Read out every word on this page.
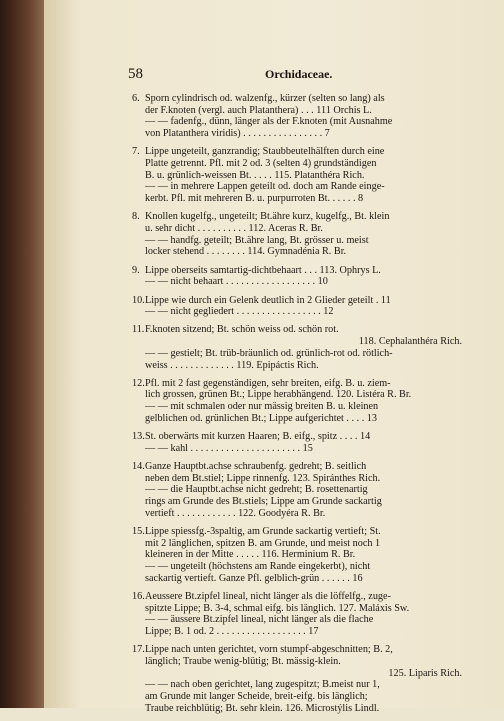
58	Orchidaceae.
6. Sporn cylindrisch od. walzenfg., kürzer (selten so lang) als
der F.knoten (vergl. auch Platanthera) . . . 111 Orchis L.
— — fadenfg., dünn, länger als der F.knoten (mit Ausnahme
von Platanthera viridis) . . . . . . . . . . . . . . . . 7
7. Lippe ungeteilt, ganzrandig; Staubbeutelhälften durch eine
Platte getrennt. Pfl. mit 2 od. 3 (selten 4) grundständigen
B. u. grünlich-weissen Bt. . . . . 115. Platanthéra Rich.
— — in mehrere Lappen geteilt od. doch am Rande einge-
kerbt. Pfl. mit mehreren B. u. purpurroten Bt. . . . . . 8
8. Knollen kugelfg., ungeteilt; Bt.ähre kurz, kugelfg., Bt. klein
u. sehr dicht . . . . . . . . . . 112. Aceras R. Br.
— — handfg. geteilt; Bt.ähre lang, Bt. grösser u. meist
locker stehend . . . . . . . . 114. Gymnadénia R. Br.
9. Lippe oberseits samtartig-dichtbehaart . . . 113. Ophrys L.
— — nicht behaart . . . . . . . . . . . . . . . . . . 10
10. Lippe wie durch ein Gelenk deutlich in 2 Glieder geteilt . 11
— — nicht gegliedert . . . . . . . . . . . . . . . . . 12
11. F.knoten sitzend; Bt. schön weiss od. schön rot.
118. Cephalanthéra Rich.
— — gestielt; Bt. trüb-bräunlich od. grünlich-rot od. rötlich-
weiss . . . . . . . . . . . . . 119. Epipáctis Rich.
12. Pfl. mit 2 fast gegenständigen, sehr breiten, eifg. B. u. ziem-
lich grossen, grünen Bt.; Lippe herabhängend. 120. Listéra R. Br.
— — mit schmalen oder nur mässig breiten B. u. kleinen
gelblichen od. grünlichen Bt.; Lippe aufgerichtet . . . . 13
13. St. oberwärts mit kurzen Haaren; B. eifg., spitz . . . . 14
— — kahl . . . . . . . . . . . . . . . . . . . . . . 15
14. Ganze Hauptbt.achse schraubenfg. gedreht; B. seitlich
neben dem Bt.stiel; Lippe rinnenfg. 123. Spiránthes Rich.
— — die Hauptbt.achse nicht gedreht; B. rosettenartig
rings am Grunde des Bt.stiels; Lippe am Grunde sackartig
vertieft . . . . . . . . . . . . 122. Goodyéra R. Br.
15. Lippe spiessfg.-3spaltig, am Grunde sackartig vertieft; St.
mit 2 länglichen, spitzen B. am Grunde, und meist noch 1
kleineren in der Mitte . . . . . 116. Herminium R. Br.
— — ungeteilt (höchstens am Rande eingekerbt), nicht
sackartig vertieft. Ganze Pfl. gelblich-grün . . . . . . 16
16. Aeussere Bt.zipfel lineal, nicht länger als die löffelfg., zuge-
spitzte Lippe; B. 3-4, schmal eifg. bis länglich. 127. Maláxis Sw.
— — äussere Bt.zipfel lineal, nicht länger als die flache
Lippe; B. 1 od. 2 . . . . . . . . . . . . . . . . . . 17
17. Lippe nach unten gerichtet, vorn stumpf-abgeschnitten; B. 2,
länglich; Traube wenig-blütig; Bt. mässig-klein.
125. Liparis Rich.
— — nach oben gerichtet, lang zugespitzt; B.meist nur 1,
am Grunde mit langer Scheide, breit-eifg. bis länglich;
Traube reichblütig; Bt. sehr klein. 126. Microstýlis Lindl.
